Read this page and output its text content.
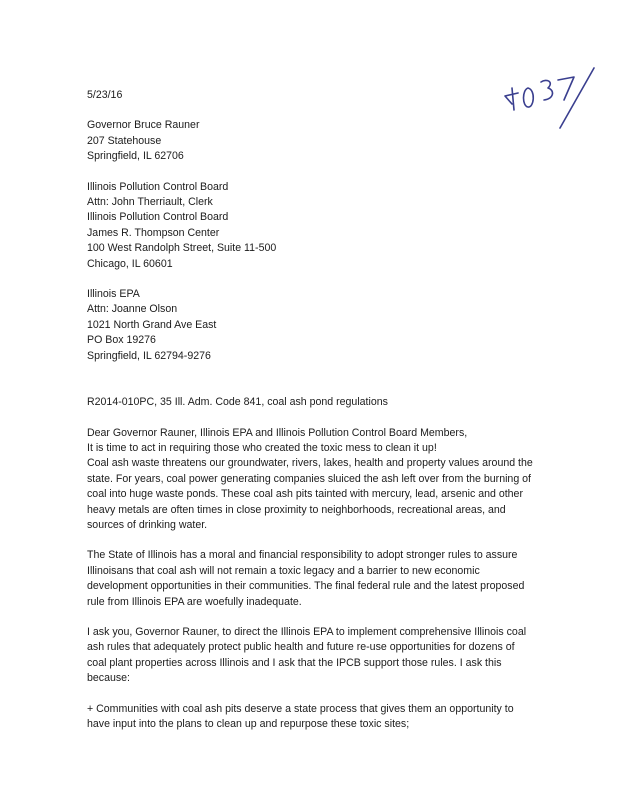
5/23/16
Governor Bruce Rauner
207 Statehouse
Springfield, IL 62706
Illinois Pollution Control Board
Attn: John Therriault, Clerk
Illinois Pollution Control Board
James R. Thompson Center
100 West Randolph Street, Suite 11-500
Chicago, IL 60601
Illinois EPA
Attn: Joanne Olson
1021 North Grand Ave East
PO Box 19276
Springfield, IL 62794-9276
R2014-010PC, 35 Ill. Adm. Code 841, coal ash pond regulations
Dear Governor Rauner, Illinois EPA and Illinois Pollution Control Board Members,
It is time to act in requiring those who created the toxic mess to clean it up!
Coal ash waste threatens our groundwater, rivers, lakes, health and property values around the
state. For years, coal power generating companies sluiced the ash left over from the burning of
coal into huge waste ponds. These coal ash pits tainted with mercury, lead, arsenic and other
heavy metals are often times in close proximity to neighborhoods, recreational areas, and
sources of drinking water.
The State of Illinois has a moral and financial responsibility to adopt stronger rules to assure
Illinoisans that coal ash will not remain a toxic legacy and a barrier to new economic
development opportunities in their communities. The final federal rule and the latest proposed
rule from Illinois EPA are woefully inadequate.
I ask you, Governor Rauner, to direct the Illinois EPA to implement comprehensive Illinois coal
ash rules that adequately protect public health and future re-use opportunities for dozens of
coal plant properties across Illinois and I ask that the IPCB support those rules. I ask this
because:
+ Communities with coal ash pits deserve a state process that gives them an opportunity to
have input into the plans to clean up and repurpose these toxic sites;
